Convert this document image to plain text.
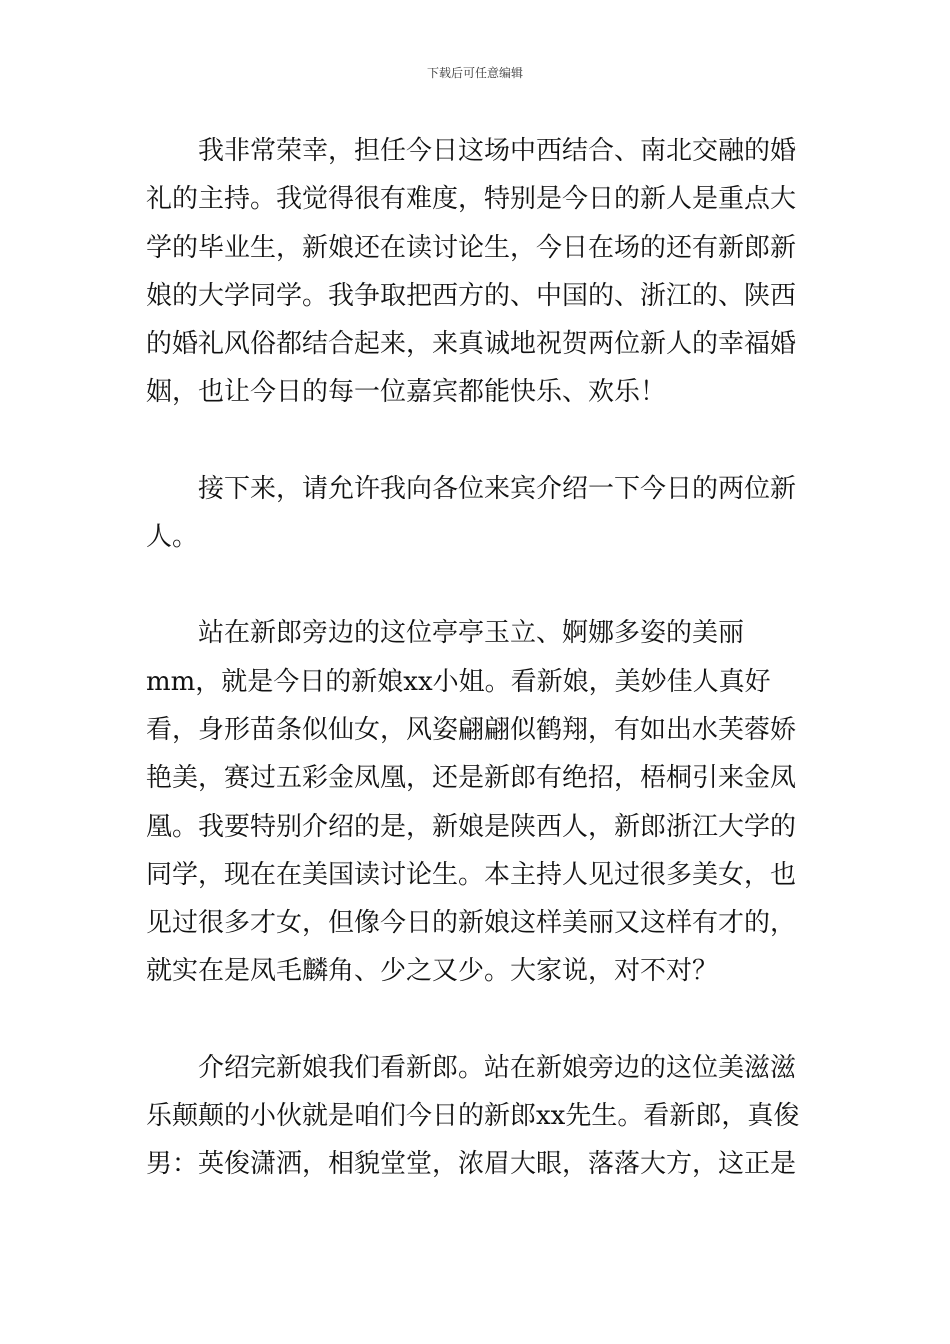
下载后可任意编辑

我非常荣幸，担任今日这场中西结合、南北交融的婚礼的主持。我觉得很有难度，特别是今日的新人是重点大学的毕业生，新娘还在读讨论生，今日在场的还有新郎新娘的大学同学。我争取把西方的、中国的、浙江的、陕西的婚礼风俗都结合起来，来真诚地祝贺两位新人的幸福婚姻，也让今日的每一位嘉宾都能快乐、欢乐！

接下来，请允许我向各位来宾介绍一下今日的两位新人。

站在新郎旁边的这位亭亭玉立、婀娜多姿的美丽mm，就是今日的新娘xx小姐。看新娘，美妙佳人真好看，身形苗条似仙女，风姿翩翩似鹤翔，有如出水芙蓉娇艳美，赛过五彩金凤凰，还是新郎有绝招，梧桐引来金凤凰。我要特别介绍的是，新娘是陕西人，新郎浙江大学的同学，现在在美国读讨论生。本主持人见过很多美女，也见过很多才女，但像今日的新娘这样美丽又这样有才的，就实在是凤毛麟角、少之又少。大家说，对不对？

介绍完新娘我们看新郎。站在新娘旁边的这位美滋滋乐颠颠的小伙就是咱们今日的新郎xx先生。看新郎，真俊男：英俊潇洒，相貌堂堂，浓眉大眼，落落大方，这正是
